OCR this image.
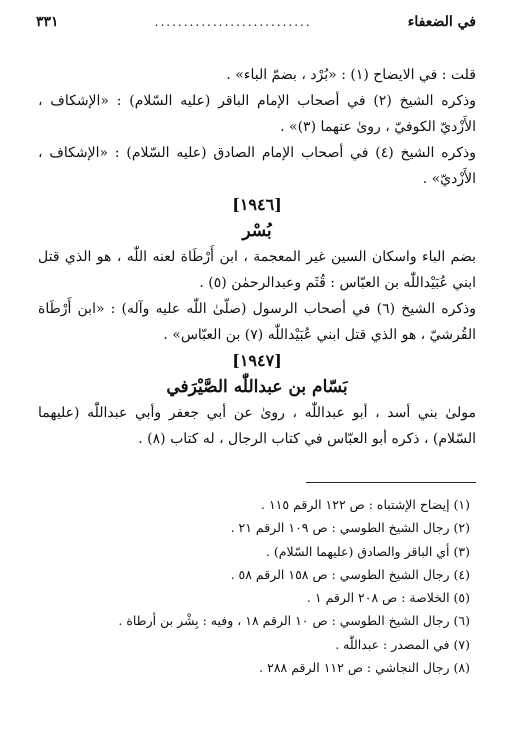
في الضعفاء
...........................
٣٣١

قلت : في الايضاح (١) : «بُرْد ، بضمّ الباء» .

وذكره الشيخ (٢) في أصحاب الإمام الباقر (عليه السّلام) : «الإشكاف ، الأَزْديّ الكوفيّ ، روىٰ عنهما (٣)» .

وذكره الشيخ (٤) في أصحاب الإمام الصادق (عليه السّلام) : «الإشكاف ، الأَزْديّ» .

[١٩٤٦]

بُسْر

بضم الباء واسكان السين غير المعجمة ، ابن أَرْطَاة لعنه اللّٰه ، هو الذي قتل ابني عُبَيْداللّٰه بن العبّاس : قُثَم وعبدالرحمٰن (٥) .

وذكره الشيخ (٦) في أصحاب الرسول (صلّىٰ اللّٰه عليه وآله) : «ابن أَرْطَاة القُرشيّ ، هو الذي قتل ابني عُبَيْداللّٰه (٧) بن العبّاس» .

[١٩٤٧]

بَسّام بن عبداللّٰه الصَّيْرَفي

مولىٰ بني أسد ، أبو عبداللّٰه ، روىٰ عن أبي جعفر وأبي عبداللّٰه (عليهما السّلام) ، ذكره أبو العبّاس في كتاب الرجال ، له كتاب (٨) .

(١) إيضاح الإشتباه : ص ١٢٢ الرقم ١١٥ .

(٢) رجال الشيخ الطوسي : ص ١٠٩ الرقم ٢١ .

(٣) أي الباقر والصادق (عليهما السّلام) .

(٤) رجال الشيخ الطوسي : ص ١٥٨ الرقم ٥٨ .

(٥) الخلاصة : ص ٢٠٨ الرقم ١ .

(٦) رجال الشيخ الطوسي : ص ١٠ الرقم ١٨ ، وفيه : بِشْر بن أرطاة .

(٧) في المصدر : عبداللّٰه .

(٨) رجال النجاشي : ص ١١٢ الرقم ٢٨٨ .
